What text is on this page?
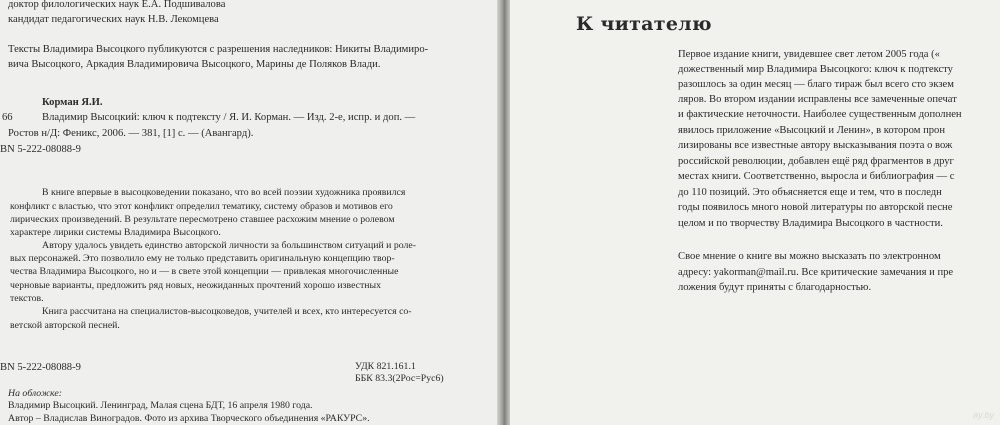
доктор филологических наук Е.А. Подшивалова
кандидат педагогических наук Н.В. Лекомцева
Тексты Владимира Высоцкого публикуются с разрешения наследников: Никиты Владимиро-
вича Высоцкого, Аркадия Владимировича Высоцкого, Марины де Поляков Влади.
Корман Я.И.
66	Владимир Высоцкий: ключ к подтексту / Я. И. Корман. — Изд. 2-е, испр. и доп. —
Ростов н/Д: Феникс, 2006. — 381, [1] с. — (Авангард).
BN 5-222-08088-9
В книге впервые в высоцковедении показано, что во всей поэзии художника проявился
конфликт с властью, что этот конфликт определил тематику, систему образов и мотивов его
лирических произведений. В результате пересмотрено ставшее расхожим мнение о ролевом
характере лирики системы Владимира Высоцкого.
Автору удалось увидеть единство авторской личности за большинством ситуаций и роле-
вых персонажей. Это позволило ему не только представить оригинальную концепцию твор-
чества Владимира Высоцкого, но и — в свете этой концепции — привлекая многочисленные
черновые варианты, предложить ряд новых, неожиданных прочтений хорошо известных
текстов.
Книга рассчитана на специалистов-высоцковедов, учителей и всех, кто интересуется со-
ветской авторской песней.
BN 5-222-08088-9	УДК 821.161.1
ББК 83.3(2Рос=Рус6)
На обложке:
Владимир Высоцкий. Ленинград, Малая сцена БДТ, 16 апреля 1980 года.
Автор – Владислав Виноградов. Фото из архива Творческого объединения «РАКУРС».
К читателю
Первое издание книги, увидевшее свет летом 2005 года («
дожественный мир Владимира Высоцкого: ключ к подтексту
разошлось за один месяц — благо тираж был всего сто экзем
ляров. Во втором издании исправлены все замеченные опечат
и фактические неточности. Наиболее существенным дополнен
явилось приложение «Высоцкий и Ленин», в котором прон
лизированы все известные автору высказывания поэта о вож
российской революции, добавлен ещё ряд фрагментов в друг
местах книги. Соответственно, выросла и библиография — с
до 110 позиций. Это объясняется еще и тем, что в последн
годы появилось много новой литературы по авторской песне
целом и по творчеству Владимира Высоцкого в частности.
Свое мнение о книге вы можно высказать по электронном
адресу: yakorman@mail.ru. Все критические замечания и пре
ложения будут приняты с благодарностью.
ay.by
